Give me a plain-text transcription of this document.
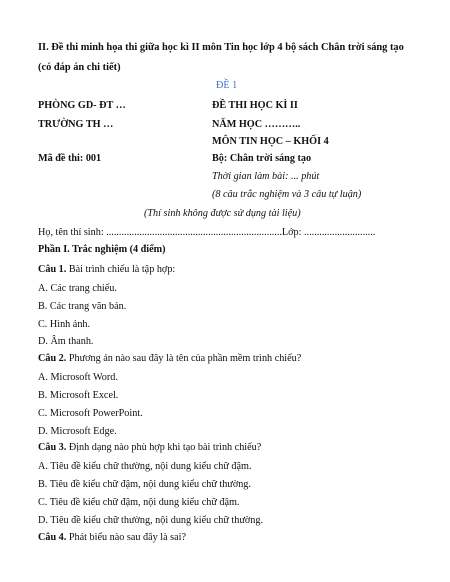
II. Đề thi minh họa thi giữa học kì II môn Tin học lớp 4 bộ sách Chân trời sáng tạo
(có đáp án chi tiết)
ĐỀ 1
PHÒNG GD- ĐT …
TRƯỜNG TH …
Mã đề thi: 001
ĐỀ THI HỌC KÌ II
NĂM HỌC ………..
MÔN TIN HỌC – KHỐI 4
Bộ: Chân trời sáng tạo
Thời gian làm bài: ... phút
(8 câu trắc nghiệm và 3 câu tự luận)
(Thí sinh không được sử dụng tài liệu)
Họ, tên thí sinh: .....................................................................Lớp: ............................
Phần I. Trắc nghiệm (4 điểm)
Câu 1. Bài trình chiếu là tập hợp:
A. Các trang chiếu.
B. Các trang văn bản.
C. Hình ảnh.
D. Âm thanh.
Câu 2. Phương án nào sau đây là tên của phần mềm trình chiếu?
A. Microsoft Word.
B. Microsoft Excel.
C. Microsoft PowerPoint.
D. Microsoft Edge.
Câu 3. Định dạng nào phù hợp khi tạo bài trình chiếu?
A. Tiêu đề kiểu chữ thường, nội dung kiểu chữ đậm.
B. Tiêu đề kiểu chữ đậm, nội dung kiểu chữ thường.
C. Tiêu đề kiểu chữ đậm, nội dung kiểu chữ đậm.
D. Tiêu đề kiểu chữ thường, nội dung kiểu chữ thường.
Câu 4. Phát biểu nào sau đây là sai?
